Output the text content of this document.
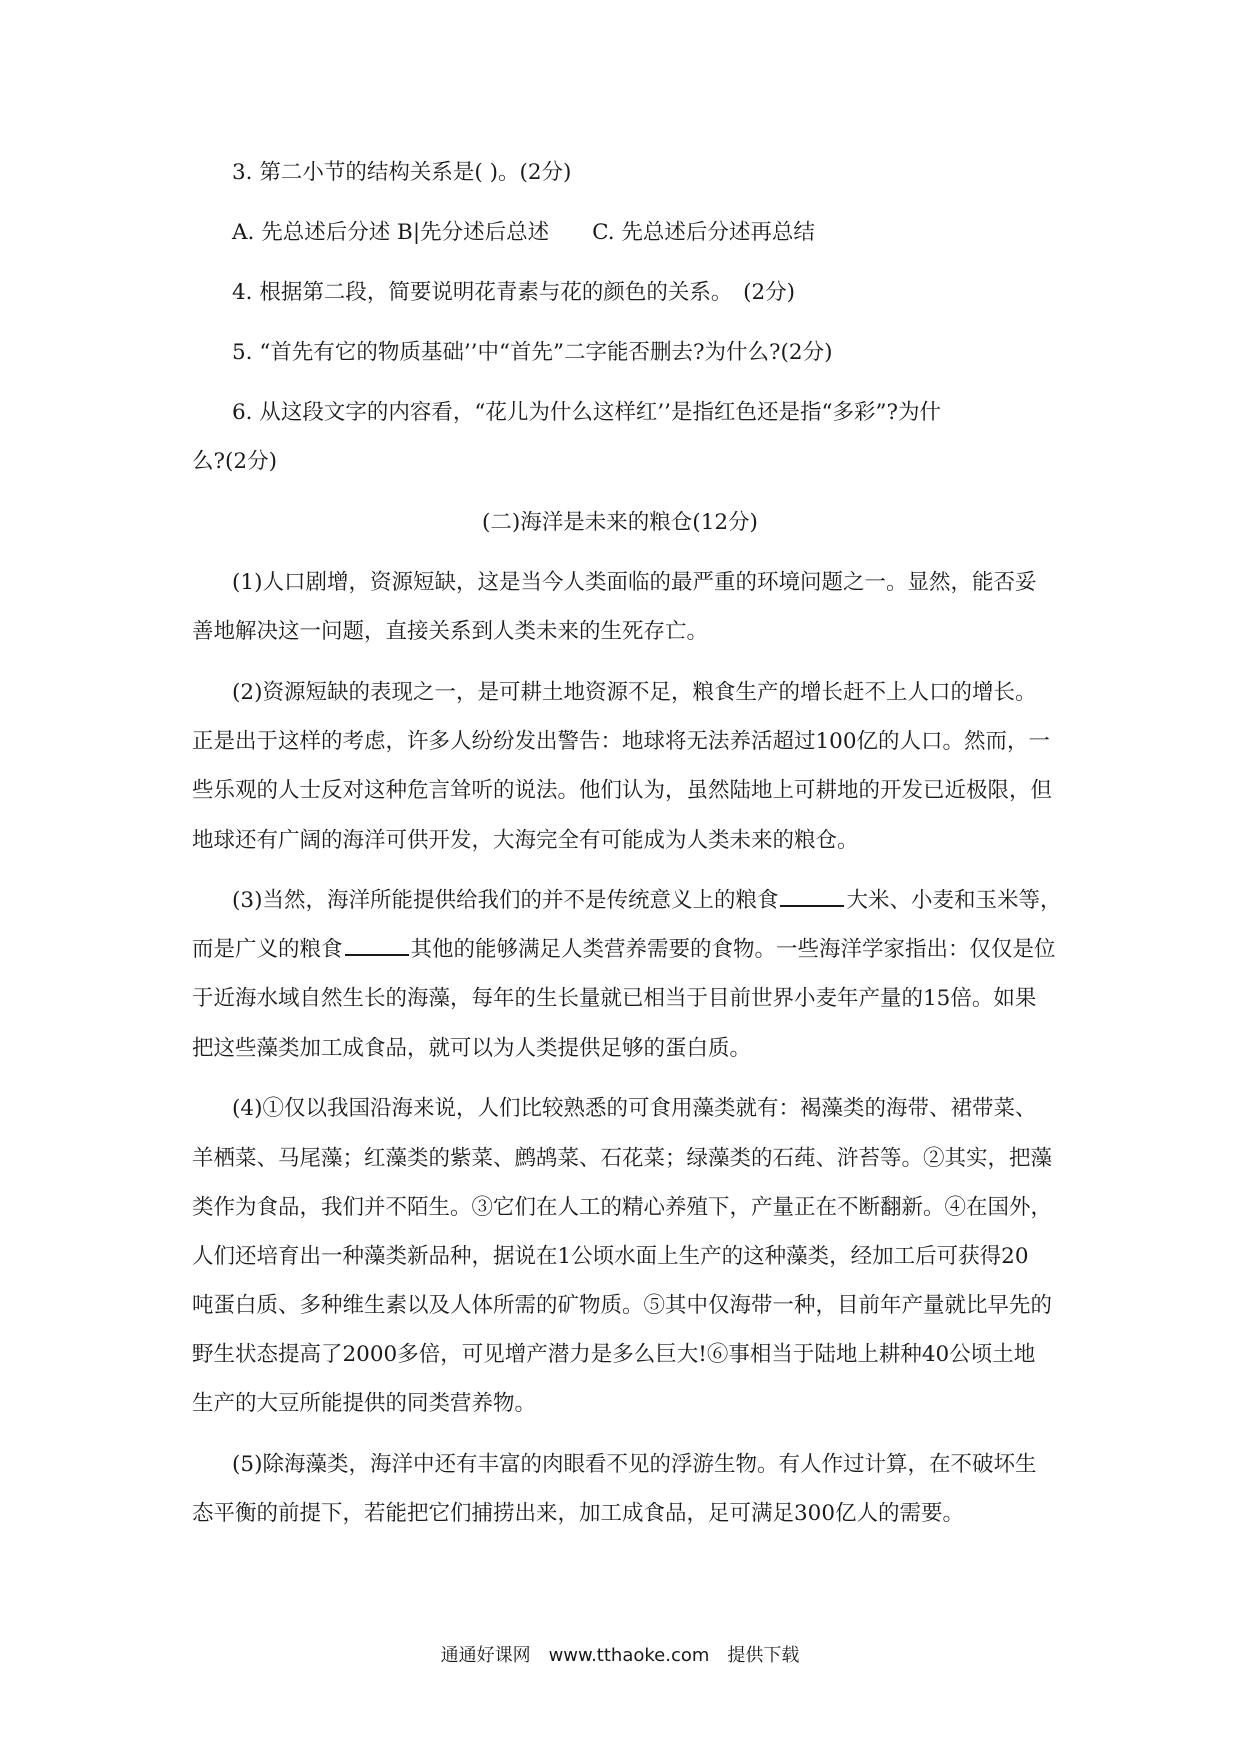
3. 第二小节的结构关系是( )。(2分)
A. 先总述后分述 B|先分述后总述　　C. 先总述后分述再总结
4. 根据第二段，简要说明花青素与花的颜色的关系。　(2分)
5. “首先有它的物质基础’’中“首先”二字能否删去?为什么?(2分)
6. 从这段文字的内容看，“花儿为什么这样红’’是指红色还是指“多彩”?为什
么?(2分)
(二)海洋是未来的粮仓(12分)
(1)人口剧增，资源短缺，这是当今人类面临的最严重的环境问题之一。显然，能否妥
善地解决这一问题，直接关系到人类未来的生死存亡。
(2)资源短缺的表现之一，是可耕土地资源不足，粮食生产的增长赶不上人口的增长。
正是出于这样的考虑，许多人纷纷发出警告：地球将无法养活超过100亿的人口。然而，一
些乐观的人士反对这种危言耸听的说法。他们认为，虽然陆地上可耕地的开发已近极限，但
地球还有广阔的海洋可供开发，大海完全有可能成为人类未来的粮仓。
(3)当然，海洋所能提供给我们的并不是传统意义上的粮食	大米、小麦和玉米等，
而是广义的粮食	其他的能够满足人类营养需要的食物。一些海洋学家指出：仅仅是位
于近海水域自然生长的海藻，每年的生长量就已相当于目前世界小麦年产量的15倍。如果
把这些藻类加工成食品，就可以为人类提供足够的蛋白质。
(4)①仅以我国沿海来说，人们比较熟悉的可食用藻类就有：褐藻类的海带、裙带菜、
羊栖菜、马尾藻；红藻类的紫菜、鹧鸪菜、石花菜；绿藻类的石莼、浒苔等。②其实，把藻
类作为食品，我们并不陌生。③它们在人工的精心养殖下，产量正在不断翻新。④在国外，
人们还培育出一种藻类新品种，据说在1公顷水面上生产的这种藻类，经加工后可获得20
吨蛋白质、多种维生素以及人体所需的矿物质。⑤其中仅海带一种，目前年产量就比早先的
野生状态提高了2000多倍，可见增产潜力是多么巨大!⑥事相当于陆地上耕种40公顷土地
生产的大豆所能提供的同类营养物。
(5)除海藻类，海洋中还有丰富的肉眼看不见的浮游生物。有人作过计算，在不破坏生
态平衡的前提下，若能把它们捕捞出来，加工成食品，足可满足300亿人的需要。
通通好课网　www.tthaoke.com　提供下载
